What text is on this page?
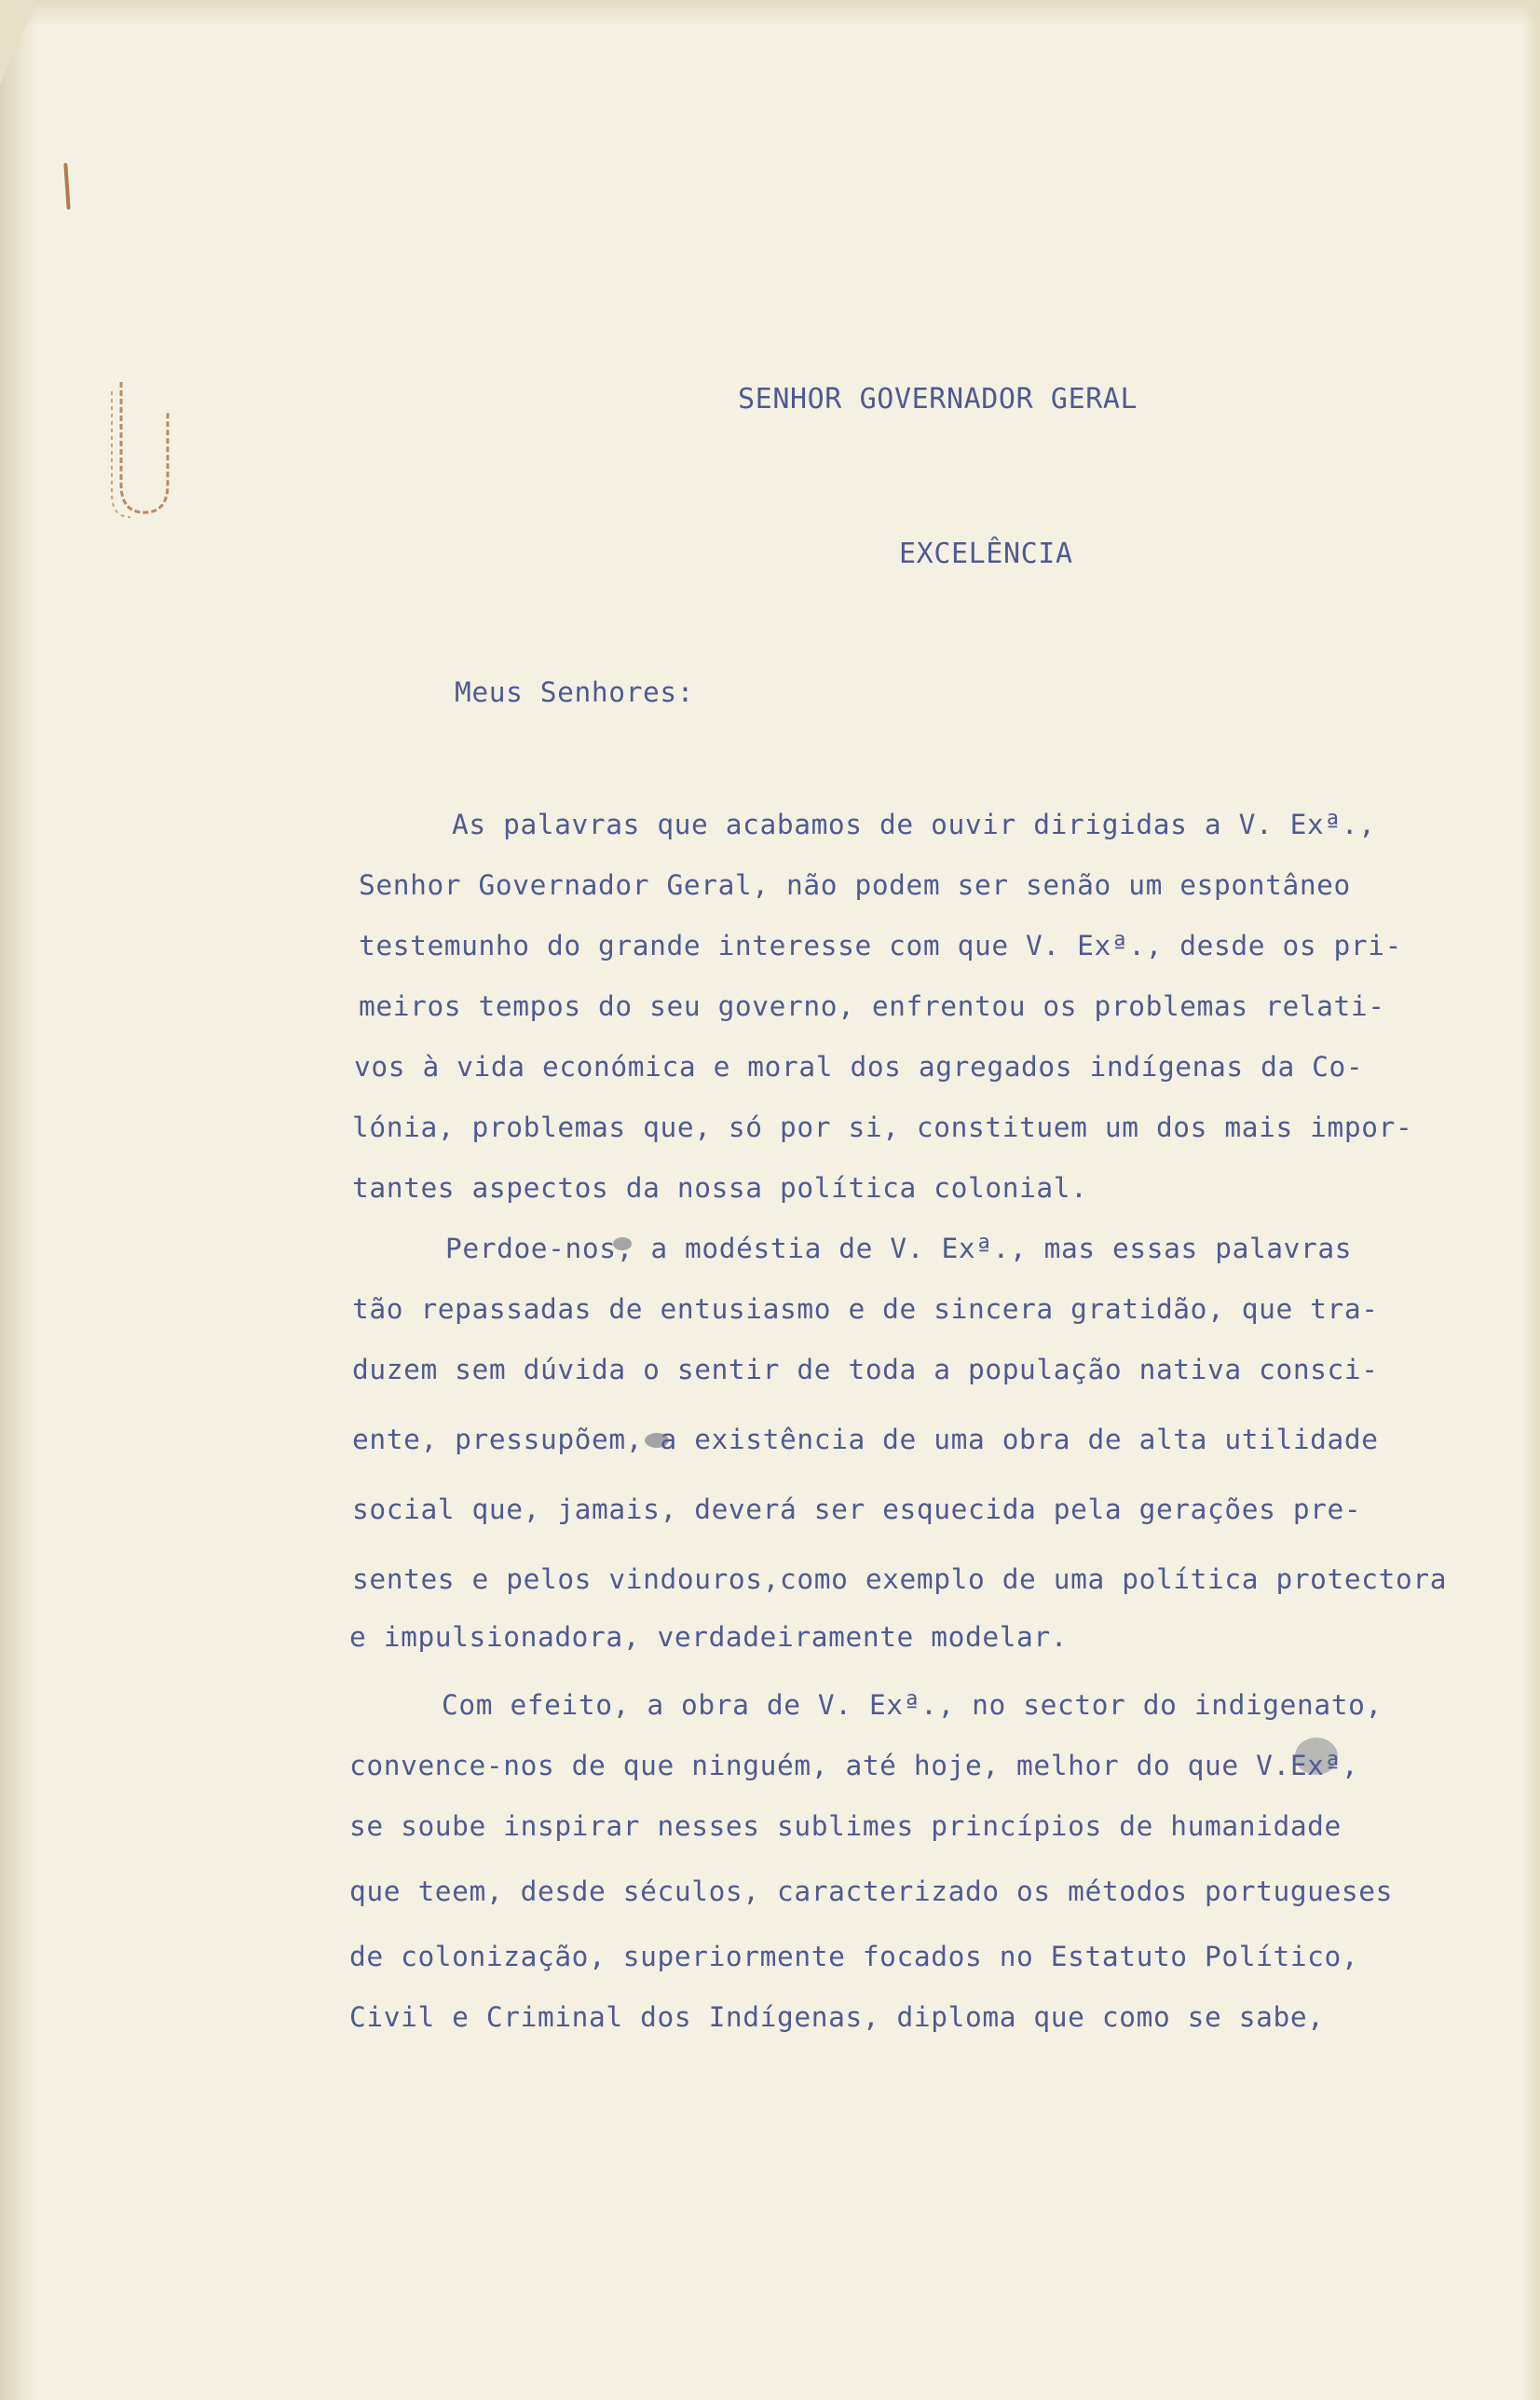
SENHOR GOVERNADOR GERAL
EXCELÊNCIA
Meus Senhores:
As palavras que acabamos de ouvir dirigidas a V. Exª.,
Senhor Governador Geral, não podem ser senão um espontâneo
testemunho do grande interesse com que V. Exª., desde os pri-
meiros tempos do seu governo, enfrentou os problemas relati-
vos à vida económica e moral dos agregados indígenas da Co-
lónia, problemas que, só por si, constituem um dos mais impor-
tantes aspectos da nossa política colonial.
Perdoe-nos, a modéstia de V. Exª., mas essas palavras
tão repassadas de entusiasmo e de sincera gratidão, que tra-
duzem sem dúvida o sentir de toda a população nativa consci-
ente, pressupõem, a existência de uma obra de alta utilidade
social que, jamais, deverá ser esquecida pela gerações pre-
sentes e pelos vindouros,como exemplo de uma política protectora
e impulsionadora, verdadeiramente modelar.
Com efeito, a obra de V. Exª., no sector do indigenato,
convence-nos de que ninguém, até hoje, melhor do que V.Exª,
se soube inspirar nesses sublimes princípios de humanidade
que teem, desde séculos, caracterizado os métodos portugueses
de colonização, superiormente focados no Estatuto Político,
Civil e Criminal dos Indígenas, diploma que como se sabe,
